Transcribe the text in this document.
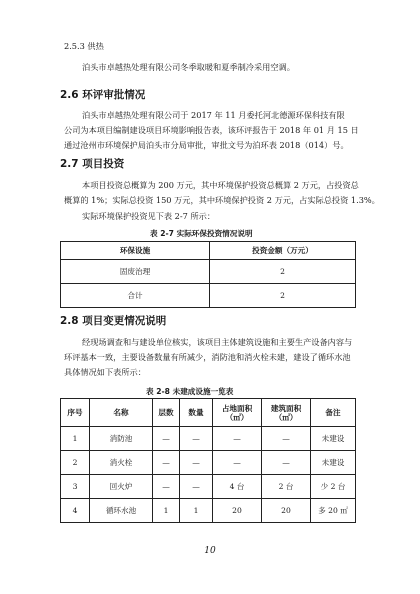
2.5.3 供热
泊头市卓越热处理有限公司冬季取暖和夏季制冷采用空调。
2.6 环评审批情况
泊头市卓越热处理有限公司于 2017 年 11 月委托河北德源环保科技有限
公司为本项目编制建设项目环境影响报告表，该环评报告于 2018 年 01 月 15 日
通过沧州市环境保护局泊头市分局审批，审批文号为泊环表 2018（014）号。
2.7 项目投资
本项目投资总概算为 200 万元，其中环境保护投资总概算 2 万元，占投资总
概算的 1%；实际总投资 150 万元，其中环境保护投资 2 万元，占实际总投资 1.3%。
实际环境保护投资见下表 2-7 所示：
表 2-7 实际环保投资情况说明
环保设施	投资金额（万元）
固废治理	2
合计	2
2.8 项目变更情况说明
经现场调查和与建设单位核实，该项目主体建筑设施和主要生产设备内容与
环评基本一致，主要设备数量有所减少，消防池和消火栓未建，建设了循环水池
具体情况如下表所示：
表 2-8 未建成设施一览表
序号	名称	层数	数量	占地面积（㎡）	建筑面积（㎡）	备注
1	消防池	—	—	—	—	未建设
2	消火栓	—	—	—	—	未建设
3	回火炉	—	—	4 台	2 台	少 2 台
4	循环水池	1	1	20	20	多 20 ㎡
10
